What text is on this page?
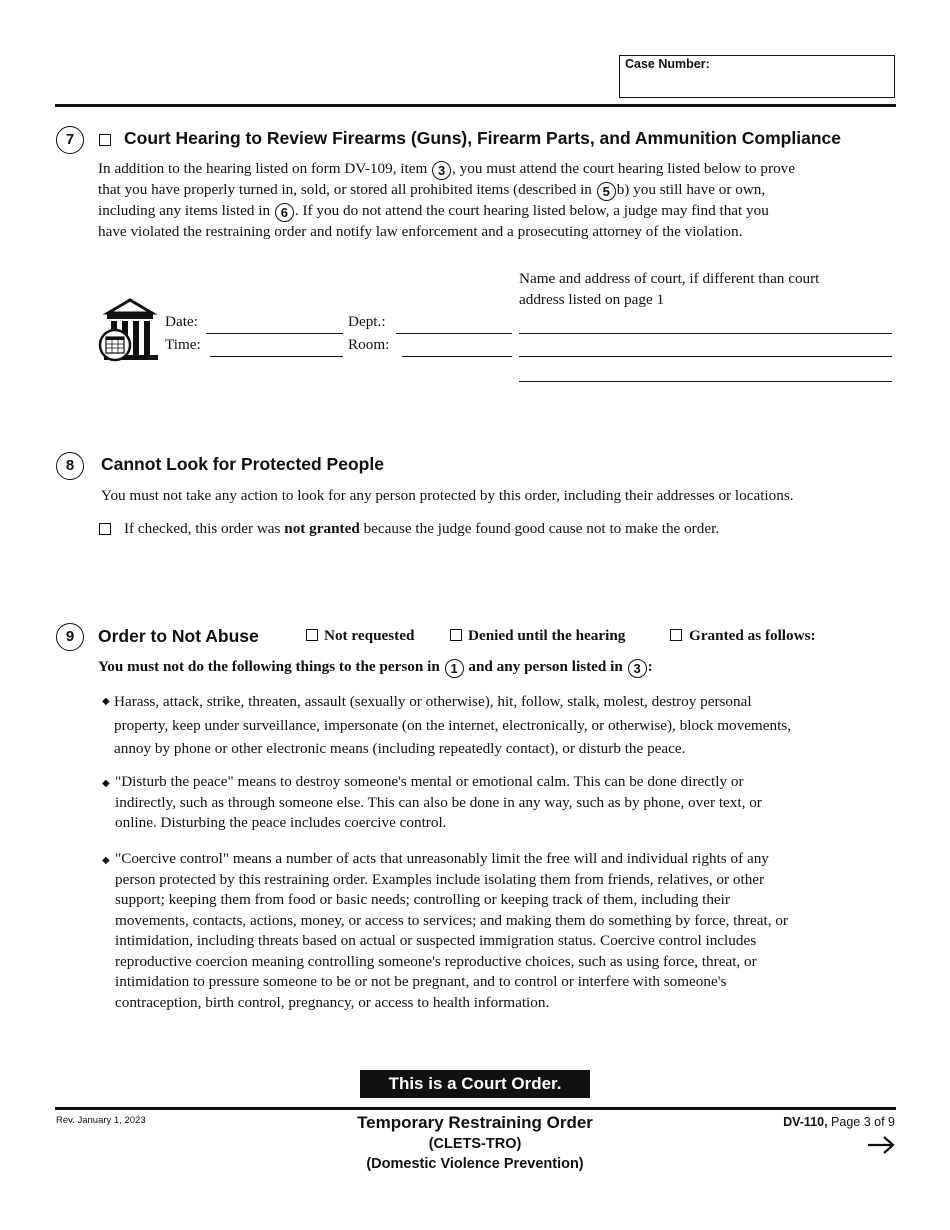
Case Number:
7	Court Hearing to Review Firearms (Guns), Firearm Parts, and Ammunition Compliance
In addition to the hearing listed on form DV-109, item 3 , you must attend the court hearing listed below to prove
that you have properly turned in, sold, or stored all prohibited items (described in 5 b) you still have or own,
including any items listed in 6 . If you do not attend the court hearing listed below, a judge may find that you
have violated the restraining order and notify law enforcement and a prosecuting attorney of the violation.
Date:
Time:
Dept.:
Room:
Name and address of court, if different than court
address listed on page 1
8	Cannot Look for Protected People
You must not take any action to look for any person protected by this order, including their addresses or locations.
If checked, this order was not granted because the judge found good cause not to make the order.
9	Order to Not Abuse	Not requested	Denied until the hearing	Granted as follows:
You must not do the following things to the person in 1 and any person listed in 3 :
◆ Harass, attack, strike, threaten, assault (sexually or otherwise), hit, follow, stalk, molest, destroy personal
property, keep under surveillance, impersonate (on the internet, electronically, or otherwise), block movements,
annoy by phone or other electronic means (including repeatedly contact), or disturb the peace.
◆ "Disturb the peace" means to destroy someone's mental or emotional calm. This can be done directly or
indirectly, such as through someone else. This can also be done in any way, such as by phone, over text, or
online. Disturbing the peace includes coercive control.
◆ "Coercive control" means a number of acts that unreasonably limit the free will and individual rights of any
person protected by this restraining order. Examples include isolating them from friends, relatives, or other
support; keeping them from food or basic needs; controlling or keeping track of them, including their
movements, contacts, actions, money, or access to services; and making them do something by force, threat, or
intimidation, including threats based on actual or suspected immigration status. Coercive control includes
reproductive coercion meaning controlling someone's reproductive choices, such as using force, threat, or
intimidation to pressure someone to be or not be pregnant, and to control or interfere with someone's
contraception, birth control, pregnancy, or access to health information.
This is a Court Order.
Rev. January 1, 2023	Temporary Restraining Order
(CLETS-TRO)
(Domestic Violence Prevention)
DV-110, Page 3 of 9
